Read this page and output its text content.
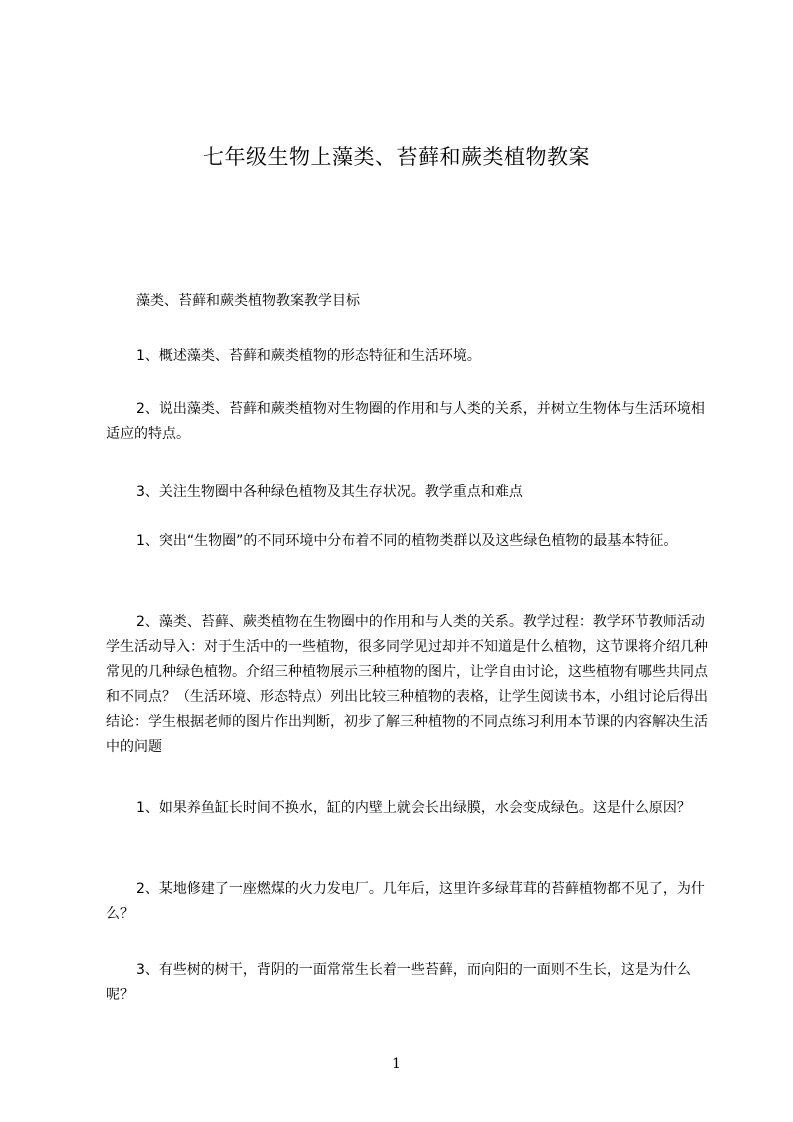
七年级生物上藻类、苔藓和蕨类植物教案

藻类、苔藓和蕨类植物教案教学目标

1、概述藻类、苔藓和蕨类植物的形态特征和生活环境。

2、说出藻类、苔藓和蕨类植物对生物圈的作用和与人类的关系，并树立生物体与生活环境相适应的特点。

3、关注生物圈中各种绿色植物及其生存状况。教学重点和难点

1、突出“生物圈”的不同环境中分布着不同的植物类群以及这些绿色植物的最基本特征。

2、藻类、苔藓、蕨类植物在生物圈中的作用和与人类的关系。教学过程：教学环节教师活动学生活动导入：对于生活中的一些植物，很多同学见过却并不知道是什么植物，这节课将介绍几种常见的几种绿色植物。介绍三种植物展示三种植物的图片，让学自由讨论，这些植物有哪些共同点和不同点？（生活环境、形态特点）列出比较三种植物的表格，让学生阅读书本，小组讨论后得出结论：学生根据老师的图片作出判断，初步了解三种植物的不同点练习利用本节课的内容解决生活中的问题

1、如果养鱼缸长时间不换水，缸的内壁上就会长出绿膜，水会变成绿色。这是什么原因？

2、某地修建了一座燃煤的火力发电厂。几年后，这里许多绿茸茸的苔藓植物都不见了，为什么？

3、有些树的树干，背阴的一面常常生长着一些苔藓，而向阳的一面则不生长，这是为什么呢？

1
